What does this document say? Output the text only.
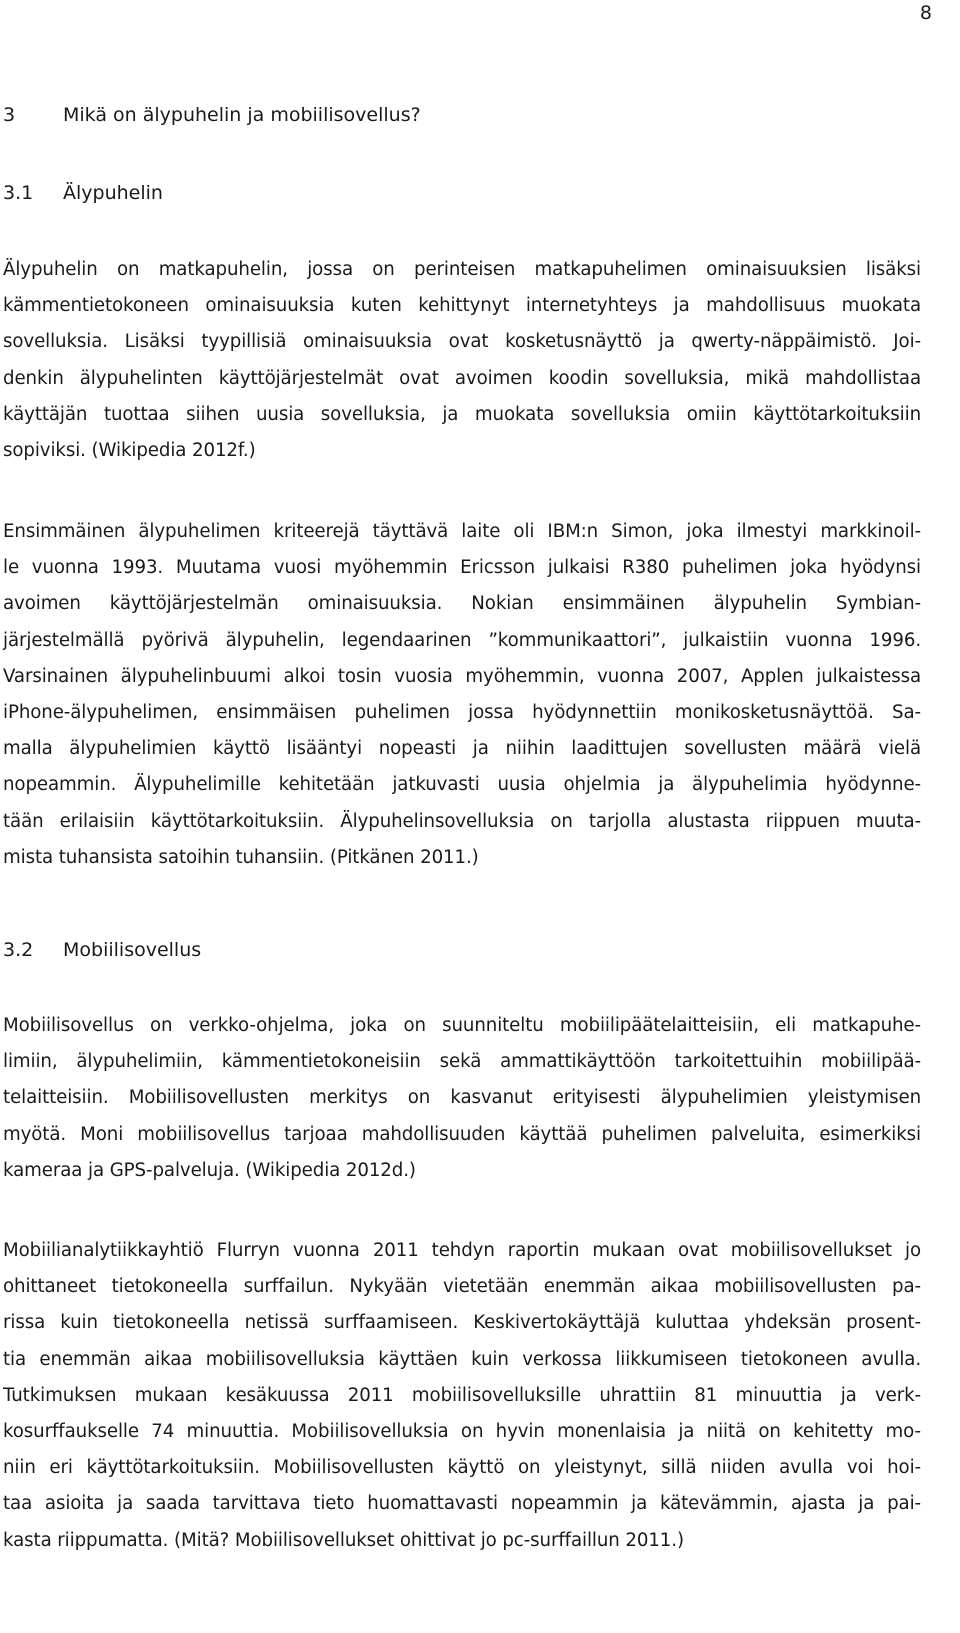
8
3	Mikä on älypuhelin ja mobiilisovellus?
3.1 Älypuhelin

Älypuhelin on matkapuhelin, jossa on perinteisen matkapuhelimen ominaisuuksien lisäksi
kämmentietokoneen ominaisuuksia kuten kehittynyt internetyhteys ja mahdollisuus muokata
sovelluksia. Lisäksi tyypillisiä ominaisuuksia ovat kosketusnäyttö ja qwerty-näppäimistö. Joi-
denkin älypuhelinten käyttöjärjestelmät ovat avoimen koodin sovelluksia, mikä mahdollistaa
käyttäjän tuottaa siihen uusia sovelluksia, ja muokata sovelluksia omiin käyttötarkoituksiin
sopiviksi. (Wikipedia 2012f.)

Ensimmäinen älypuhelimen kriteerejä täyttävä laite oli IBM:n Simon, joka ilmestyi markkinoil-
le vuonna 1993. Muutama vuosi myöhemmin Ericsson julkaisi R380 puhelimen joka hyödynsi
avoimen käyttöjärjestelmän ominaisuuksia. Nokian ensimmäinen älypuhelin Symbian-
järjestelmällä pyörivä älypuhelin, legendaarinen ”kommunikaattori”, julkaistiin vuonna 1996.
Varsinainen älypuhelinbuumi alkoi tosin vuosia myöhemmin, vuonna 2007, Applen julkaistessa
iPhone-älypuhelimen, ensimmäisen puhelimen jossa hyödynnettiin monikosketusnäyttöä. Sa-
malla älypuhelimien käyttö lisääntyi nopeasti ja niihin laadittujen sovellusten määrä vielä
nopeammin. Älypuhelimille kehitetään jatkuvasti uusia ohjelmia ja älypuhelimia hyödynne-
tään erilaisiin käyttötarkoituksiin. Älypuhelinsovelluksia on tarjolla alustasta riippuen muuta-
mista tuhansista satoihin tuhansiin. (Pitkänen 2011.)

3.2 Mobiilisovellus

Mobiilisovellus on verkko-ohjelma, joka on suunniteltu mobiilipäätelaitteisiin, eli matkapuhe-
limiin, älypuhelimiin, kämmentietokoneisiin sekä ammattikäyttöön tarkoitettuihin mobiilipää-
telaitteisiin. Mobiilisovellusten merkitys on kasvanut erityisesti älypuhelimien yleistymisen
myötä. Moni mobiilisovellus tarjoaa mahdollisuuden käyttää puhelimen palveluita, esimerkiksi
kameraa ja GPS-palveluja. (Wikipedia 2012d.)

Mobiilianalytiikkayhtiö Flurryn vuonna 2011 tehdyn raportin mukaan ovat mobiilisovellukset jo
ohittaneet tietokoneella surffailun. Nykyään vietetään enemmän aikaa mobiilisovellusten pa-
rissa kuin tietokoneella netissä surffaamiseen. Keskivertokäyttäjä kuluttaa yhdeksän prosent-
tia enemmän aikaa mobiilisovelluksia käyttäen kuin verkossa liikkumiseen tietokoneen avulla.
Tutkimuksen mukaan kesäkuussa 2011 mobiilisovelluksille uhrattiin 81 minuuttia ja verk-
kosurffaukselle 74 minuuttia. Mobiilisovelluksia on hyvin monenlaisia ja niitä on kehitetty mo-
niin eri käyttötarkoituksiin. Mobiilisovellusten käyttö on yleistynyt, sillä niiden avulla voi hoi-
taa asioita ja saada tarvittava tieto huomattavasti nopeammin ja kätevämmin, ajasta ja pai-
kasta riippumatta. (Mitä? Mobiilisovellukset ohittivat jo pc-surffaillun 2011.)
